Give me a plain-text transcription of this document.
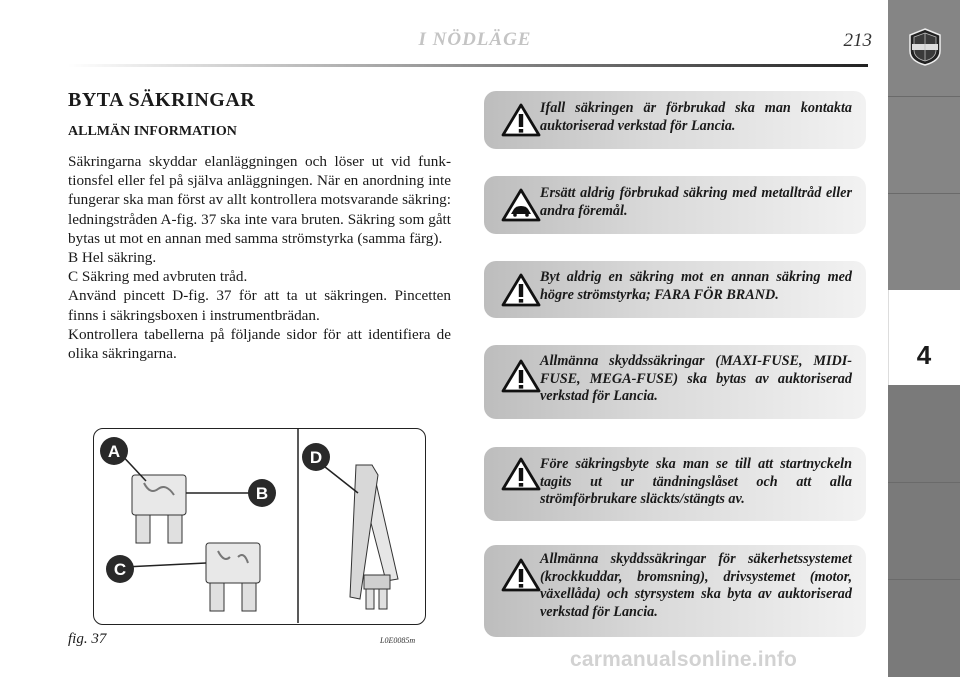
I NÖDLÄGE	213
4
BYTA SÄKRINGAR
ALLMÄN INFORMATION

Säkringarna skyddar elanläggningen och löser ut vid funktionsfel eller fel på själva anläggningen. När en anordning inte fungerar ska man först av allt kontrollera motsvarande säkring: ledningstråden A-fig. 37 ska inte vara bruten. Säkring som gått bytas ut mot en annan med samma strömstyrka (samma färg).

B Hel säkring.

C Säkring med avbruten tråd.

Använd pincett D-fig. 37 för att ta ut säkringen. Pincetten finns i säkringsboxen i instrumentbrädan.

Kontrollera tabellerna på följande sidor för att identifiera de olika säkringarna.

Ifall säkringen är förbrukad ska man kontakta auktoriserad verkstad för Lancia.
Ersätt aldrig förbrukad säkring med metalltråd eller andra föremål.
Byt aldrig en säkring mot en annan säkring med högre strömstyrka; FARA FÖR BRAND.
Allmänna skyddssäkringar (MAXI-FUSE, MIDI-FUSE, MEGA-FUSE) ska bytas av auktoriserad verkstad för Lancia.
Före säkringsbyte ska man se till att startnyckeln tagits ut ur tändningslåset och att alla strömförbrukare släckts/stängts av.
Allmänna skyddssäkringar för säkerhetssystemet (krockkuddar, bromsning), drivsystemet (motor, växellåda) och styrsystem ska byta av auktoriserad verkstad för Lancia.
A
B
C
D
fig. 37	L0E0085m
carmanualsonline.info
